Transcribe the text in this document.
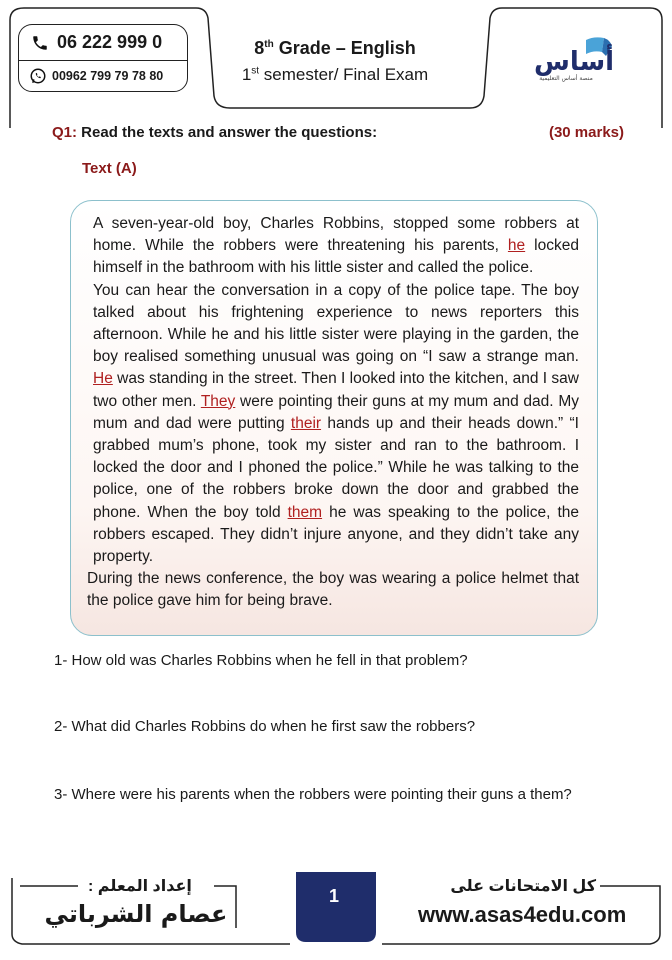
06 222 999 0
00962 799 79 78 80
8th Grade – English
1st semester/ Final Exam	أساس
منصة أساس التعليمية
Q1: Read the texts and answer the questions:	(30 marks)
Text (A)

A seven-year-old boy, Charles Robbins, stopped some robbers at home. While the robbers were threatening his parents, he locked himself in the bathroom with his little sister and called the police.

You can hear the conversation in a copy of the police tape. The boy talked about his frightening experience to news reporters this afternoon. While he and his little sister were playing in the garden, the boy realised something unusual was going on “I saw a strange man. He was standing in the street. Then I looked into the kitchen, and I saw two other men. They were pointing their guns at my mum and dad. My mum and dad were putting their hands up and their heads down.” “I grabbed mum’s phone, took my sister and ran to the bathroom. I locked the door and I phoned the police.” While he was talking to the police, one of the robbers broke down the door and grabbed the phone. When the boy told them he was speaking to the police, the robbers escaped. They didn’t injure anyone, and they didn’t take any property.

During the news conference, the boy was wearing a police helmet that the police gave him for being brave.

1- How old was Charles Robbins when he fell in that problem?
2- What did Charles Robbins do when he first saw the robbers?
3- Where were his parents when the robbers were pointing their guns a them?
إعداد المعلم :
عصام الشرباتي
1	كل الامتحانات على
www.asas4edu.com
